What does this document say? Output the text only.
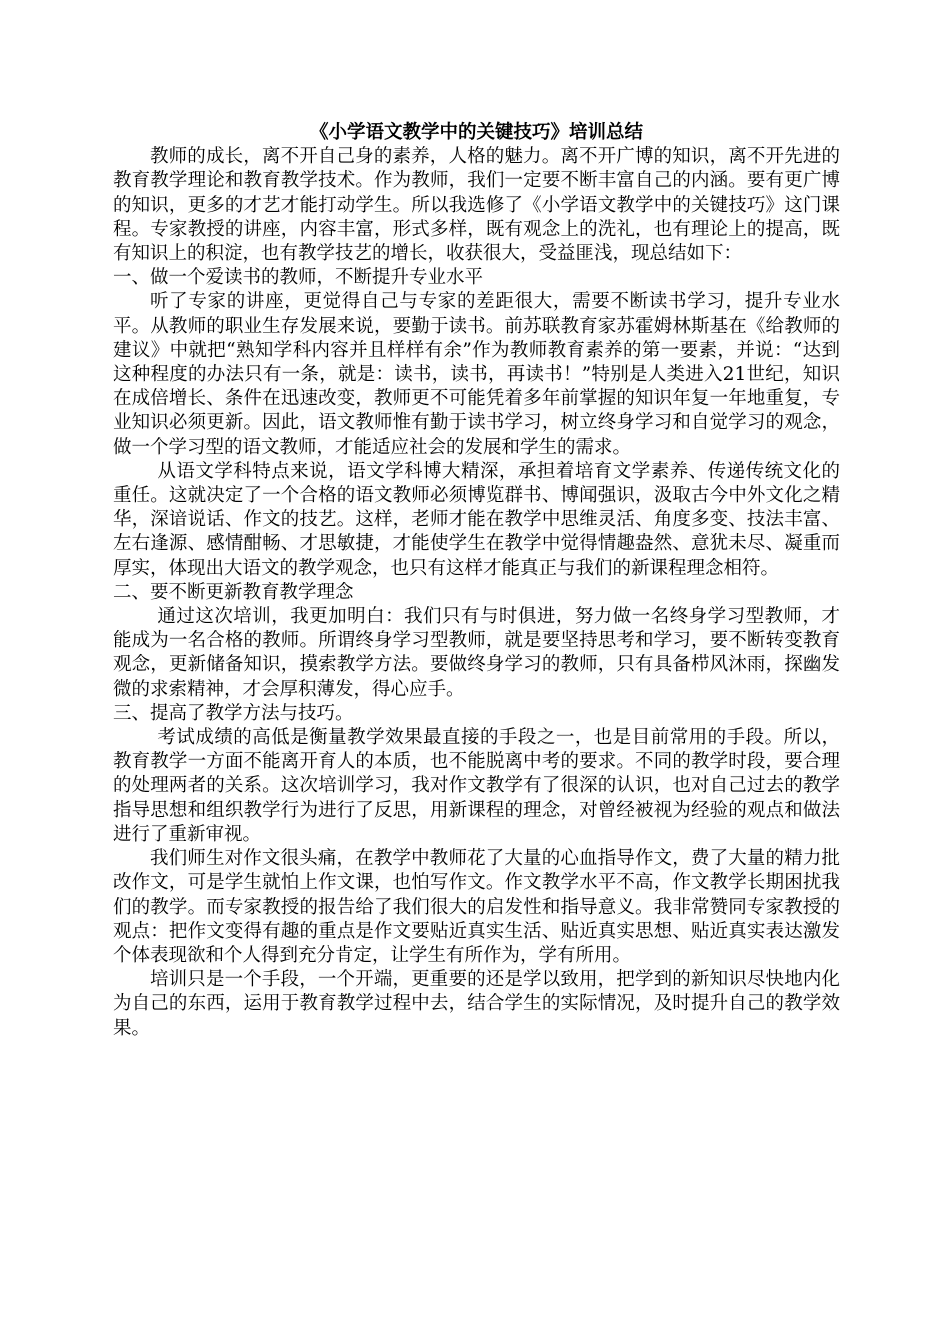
《小学语文教学中的关键技巧》培训总结

教师的成长，离不开自己身的素养，人格的魅力。离不开广博的知识，离不开先进的教育教学理论和教育教学技术。作为教师，我们一定要不断丰富自己的内涵。要有更广博的知识，更多的才艺才能打动学生。所以我选修了《小学语文教学中的关键技巧》这门课程。专家教授的讲座，内容丰富，形式多样，既有观念上的洗礼，也有理论上的提高，既有知识上的积淀，也有教学技艺的增长，收获很大，受益匪浅，现总结如下：

一、做一个爱读书的教师，不断提升专业水平

听了专家的讲座，更觉得自己与专家的差距很大，需要不断读书学习，提升专业水平。从教师的职业生存发展来说，要勤于读书。前苏联教育家苏霍姆林斯基在《给教师的建议》中就把“熟知学科内容并且样样有余”作为教师教育素养的第一要素，并说：“达到这种程度的办法只有一条，就是：读书，读书，再读书！”特别是人类进入21世纪，知识在成倍增长、条件在迅速改变，教师更不可能凭着多年前掌握的知识年复一年地重复，专业知识必须更新。因此，语文教师惟有勤于读书学习，树立终身学习和自觉学习的观念，做一个学习型的语文教师，才能适应社会的发展和学生的需求。

从语文学科特点来说，语文学科博大精深，承担着培育文学素养、传递传统文化的重任。这就决定了一个合格的语文教师必须博览群书、博闻强识，汲取古今中外文化之精华，深谙说话、作文的技艺。这样，老师才能在教学中思维灵活、角度多变、技法丰富、左右逢源、感情酣畅、才思敏捷，才能使学生在教学中觉得情趣盎然、意犹未尽、凝重而厚实，体现出大语文的教学观念，也只有这样才能真正与我们的新课程理念相符。

二、要不断更新教育教学理念

通过这次培训，我更加明白：我们只有与时俱进，努力做一名终身学习型教师，才能成为一名合格的教师。所谓终身学习型教师，就是要坚持思考和学习，要不断转变教育观念，更新储备知识，摸索教学方法。要做终身学习的教师，只有具备栉风沐雨，探幽发微的求索精神，才会厚积薄发，得心应手。

三、提高了教学方法与技巧。

考试成绩的高低是衡量教学效果最直接的手段之一，也是目前常用的手段。所以，教育教学一方面不能离开育人的本质，也不能脱离中考的要求。不同的教学时段，要合理的处理两者的关系。这次培训学习，我对作文教学有了很深的认识，也对自己过去的教学指导思想和组织教学行为进行了反思，用新课程的理念，对曾经被视为经验的观点和做法进行了重新审视。

我们师生对作文很头痛，在教学中教师花了大量的心血指导作文，费了大量的精力批改作文，可是学生就怕上作文课，也怕写作文。作文教学水平不高，作文教学长期困扰我们的教学。而专家教授的报告给了我们很大的启发性和指导意义。我非常赞同专家教授的观点：把作文变得有趣的重点是作文要贴近真实生活、贴近真实思想、贴近真实表达激发个体表现欲和个人得到充分肯定，让学生有所作为，学有所用。

培训只是一个手段，一个开端，更重要的还是学以致用，把学到的新知识尽快地内化为自己的东西，运用于教育教学过程中去，结合学生的实际情况，及时提升自己的教学效果。
